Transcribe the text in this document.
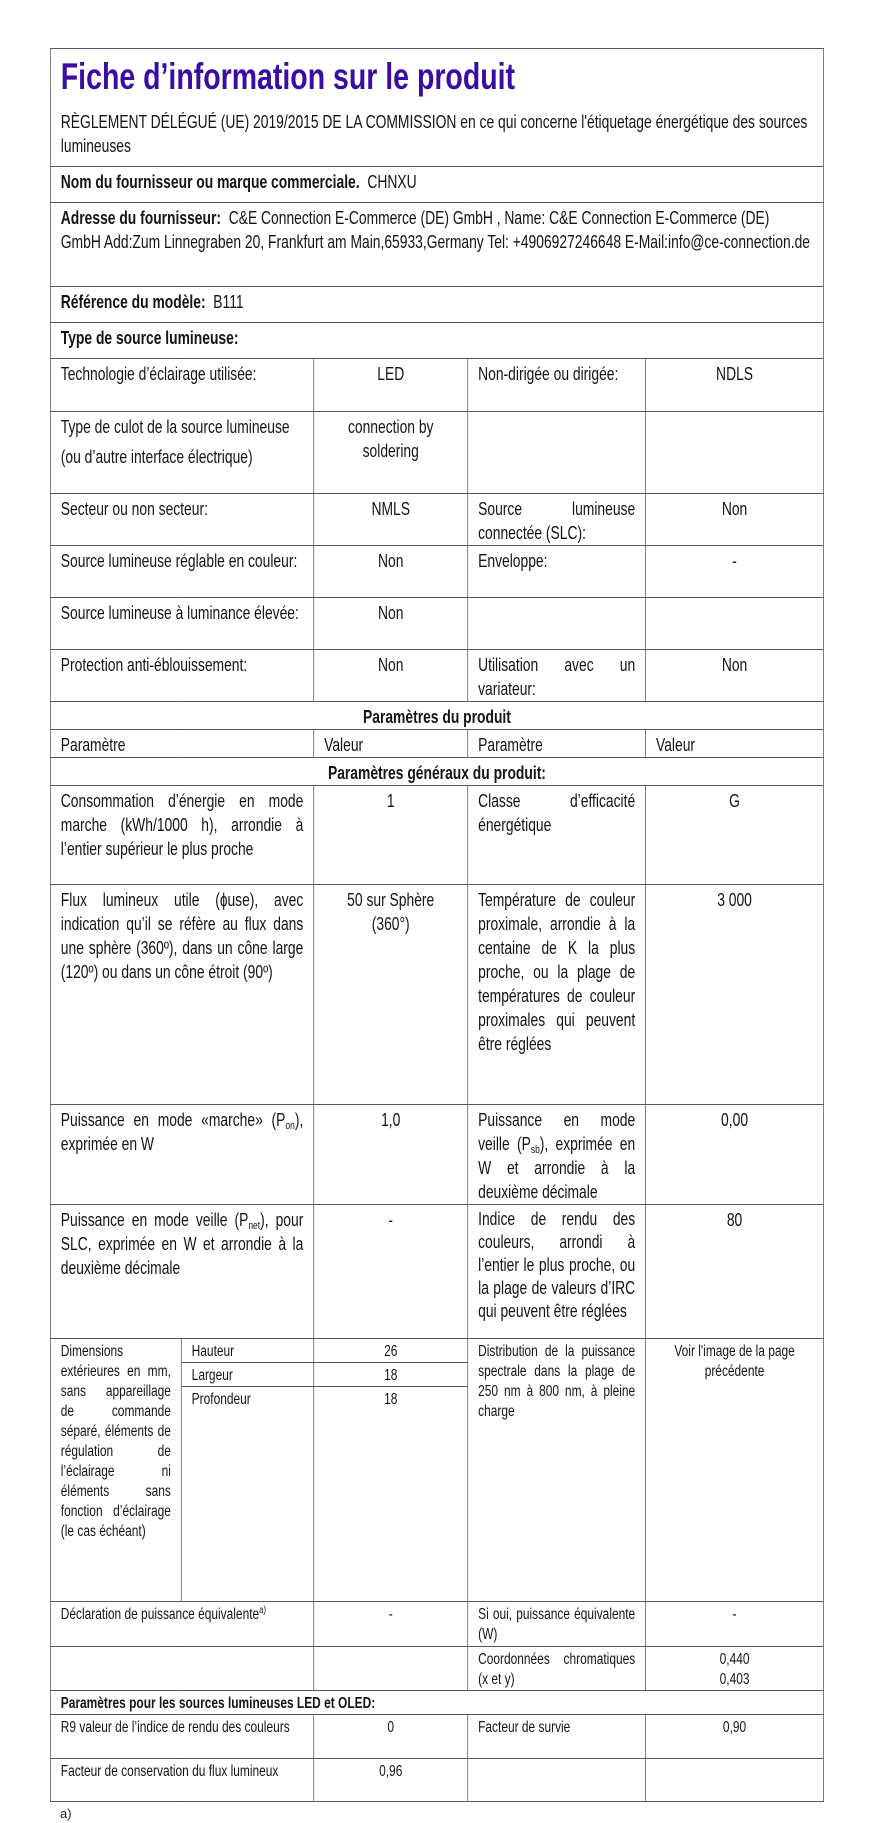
Fiche d’information sur le produit
RÈGLEMENT DÉLÉGUÉ (UE) 2019/2015 DE LA COMMISSION en ce qui concerne l'étiquetage énergétique des sources lumineuses				

Nom du fournisseur ou marque commerciale. CHNXU				
Adresse du fournisseur: C&E Connection E-Commerce (DE) GmbH , Name: C&E Connection E-Commerce (DE) GmbH Add:Zum Linnegraben 20, Frankfurt am Main,65933,Germany Tel: +4906927246648 E-Mail:info@ce-connection.de				
Référence du modèle: B111				
Type de source lumineuse:				
Technologie d’éclairage utilisée:		LED	Non-dirigée ou dirigée:	NDLS

Type de culot de la source lumineuse
(ou d’autre interface électrique)		connection by soldering		
Secteur ou non secteur:		NMLS	Source lumineuse connectée (SLC):	Non
Source lumineuse réglable en couleur:		Non	Enveloppe:	-
Source lumineuse à luminance élevée:		Non		
Protection anti-éblouissement:		Non	Utilisation avec un variateur:	Non
Paramètres du produit				
Paramètre		Valeur	Paramètre	Valeur
Paramètres généraux du produit:				
Consommation d’énergie en mode marche (kWh/1000 h), arrondie à l’entier supérieur le plus proche		1	Classe d’efficacité énergétique	G
Flux lumineux utile (ɸuse), avec indication qu’il se réfère au flux dans une sphère (360º), dans un cône large (120º) ou dans un cône étroit (90º)		50 sur Sphère (360°)	Température de couleur proximale, arrondie à la centaine de K la plus proche, ou la plage de températures de couleur proximales qui peuvent être réglées	3 000
Puissance en mode «marche» $(P_{on})$, exprimée en W		1,0	Puissance en mode veille $(P_{sb})$, exprimée en W et arrondie à la deuxième décimale	0,00
Puissance en mode veille $(P_{net})$, pour SLC, exprimée en W et arrondie à la deuxième décimale		-	Indice de rendu des couleurs, arrondi à l’entier le plus proche, ou la plage de valeurs d’IRC qui peuvent être réglées	80
Dimensions extérieures en mm, sans appareillage de commande séparé, éléments de régulation de l’éclairage ni éléments sans fonction d’éclairage (le cas échéant)	Hauteur	26	Distribution de la puissance spectrale dans la plage de 250 nm à 800 nm, à pleine charge	Voir l'image de la page précédente
	Largeur	18		
	Profondeur	18		
Déclaration de puissance équivalente$^{a)}$		-	Si oui, puissance équivalente (W)	-
			Coordonnées chromatiques (x et y)	0,440
0,403

Paramètres pour les sources lumineuses LED et OLED:				
R9 valeur de l’indice de rendu des couleurs		0	Facteur de survie	0,90
Facteur de conservation du flux lumineux		0,96		
a)
